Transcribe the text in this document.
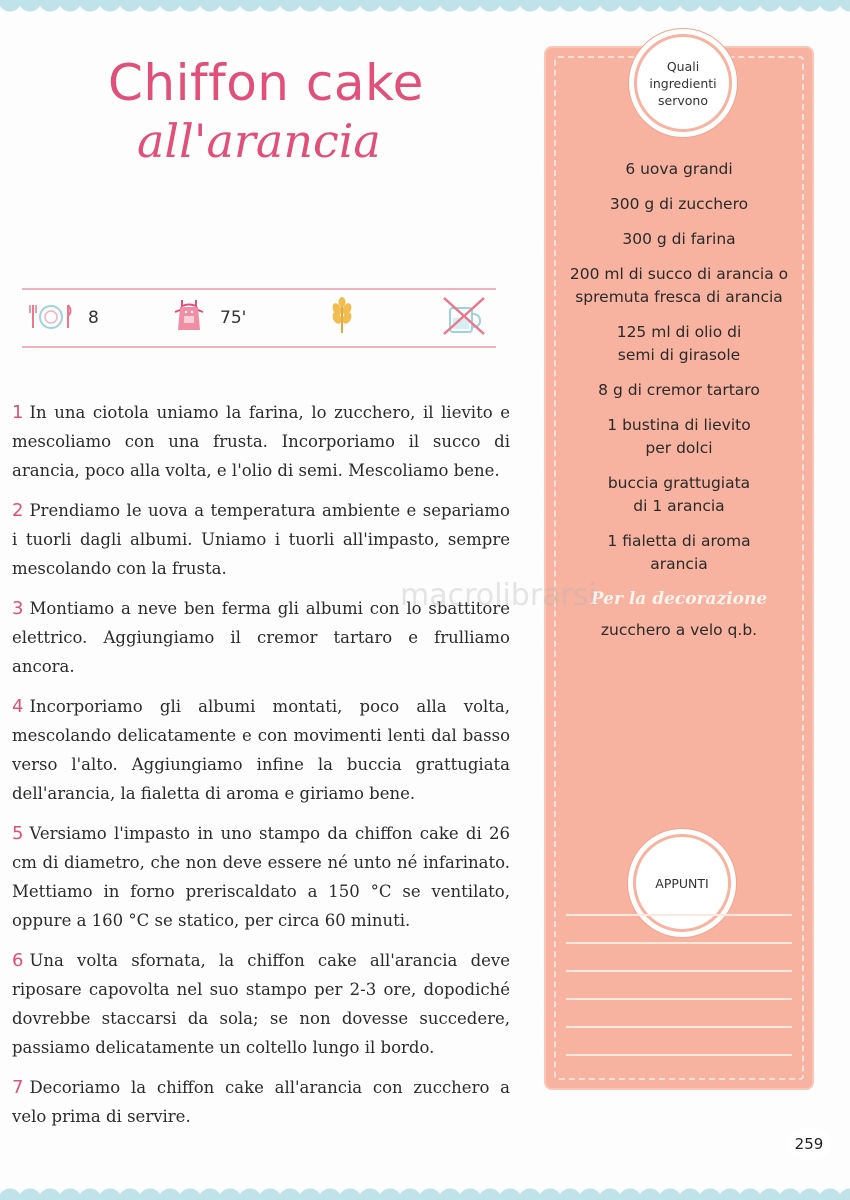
Chiffon cake
all'arancia
8	75'

1 In una ciotola uniamo la farina, lo zucchero, il lievito e mescoliamo con una frusta. Incorporiamo il succo di arancia, poco alla volta, e l'olio di semi. Mescoliamo bene.

2 Prendiamo le uova a temperatura ambiente e separiamo i tuorli dagli albumi. Uniamo i tuorli all'impasto, sempre mescolando con la frusta.

3 Montiamo a neve ben ferma gli albumi con lo sbattitore elettrico. Aggiungiamo il cremor tartaro e frulliamo ancora.

4 Incorporiamo gli albumi montati, poco alla volta, mescolando delicatamente e con movimenti lenti dal basso verso l'alto. Aggiungiamo infine la buccia grattugiata dell'arancia, la fialetta di aroma e giriamo bene.

5 Versiamo l'impasto in uno stampo da chiffon cake di 26 cm di diametro, che non deve essere né unto né infarinato. Mettiamo in forno preriscaldato a 150 °C se ventilato, oppure a 160 °C se statico, per circa 60 minuti.

6 Una volta sfornata, la chiffon cake all'arancia deve riposare capovolta nel suo stampo per 2-3 ore, dopodiché dovrebbe staccarsi da sola; se non dovesse succedere, passiamo delicatamente un coltello lungo il bordo.

7 Decoriamo la chiffon cake all'arancia con zucchero a velo prima di servire.

Quali ingredienti servono
6 uova grandi
300 g di zucchero
300 g di farina
200 ml di succo di arancia o spremuta fresca di arancia
125 ml di olio di semi di girasole
8 g di cremor tartaro
1 bustina di lievito per dolci
buccia grattugiata di 1 arancia
1 fialetta di aroma arancia
Per la decorazione
zucchero a velo q.b.
APPUNTI
macrolibrarsi
259
